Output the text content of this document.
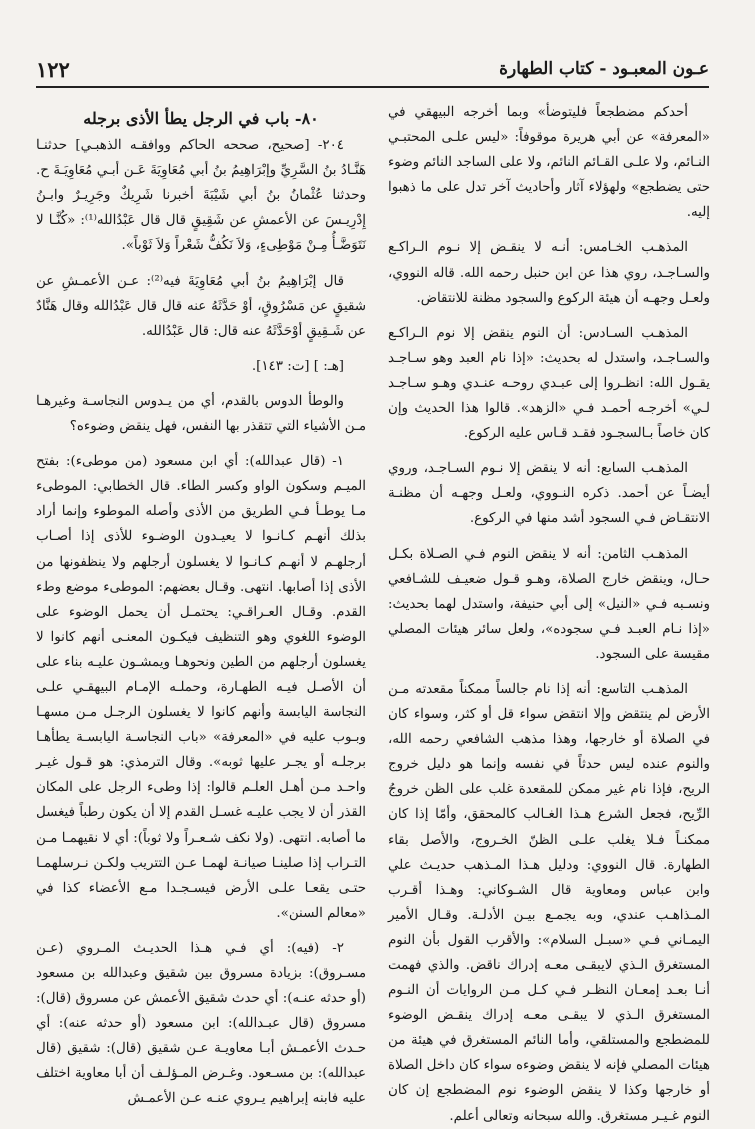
١٢٢	عـون المعبـود - كتاب الطهارة

أحدكم مضطجعاً فليتوضأ» وبما أخرجه البيهقي في «المعرفة» عن أبي هريرة موقوفاً: «ليس علـى المحتبـي النـائم، ولا علـى القـائم النائم، ولا على الساجد النائم وضوء حتى يضطجع» ولهؤلاء آثار وأحاديث آخر تدل على ما ذهبوا إليه.

المذهـب الخـامس: أنـه لا ينقـض إلا نـوم الـراكـع والسـاجـد، روي هذا عن ابن حنبل رحمه الله. قاله النووي، ولعـل وجهـه أن هيئة الركوع والسجود مظنة للانتقاض.

المذهـب السـادس: أن النوم ينقض إلا نوم الـراكـع والسـاجـد، واستدل له بحديث: «إذا نام العبد وهو سـاجـد يقـول الله: انظـروا إلى عبـدي روحـه عنـدي وهـو سـاجـد لـي» أخرجـه أحمـد فـي «الزهد». قالوا هذا الحديث وإن كان خاصاً بـالسجـود فقـد قـاس عليه الركوع.

المذهـب السابع: أنه لا ينقض إلا نـوم السـاجـد، وروي أيضـاً عن أحمد. ذكره النـووي، ولعـل وجهـه أن مظنـة الانتقـاض فـي السجود أشد منها في الركوع.

المذهـب الثامن: أنه لا ينقض النوم فـي الصـلاة بكـل حـال، وينقض خارج الصلاة، وهـو قـول ضعيـف للشـافعي ونسـبه فـي «النيل» إلى أبي حنيفة، واستدل لهما بحديث: «إذا نـام العبـد فـي سجوده»، ولعل سائر هيئات المصلي مقيسة على السجود.

المذهـب التاسع: أنه إذا نام جالساً ممكناً مقعدته مـن الأرض لم ينتقض وإلا انتقض سواء قل أو كثر، وسواء كان في الصلاة أو خارجها، وهذا مذهب الشافعي رحمه الله، والنوم عنده ليس حدثاً في نفسه وإنما هو دليل خروج الريح، فإذا نام غير ممكن للمقعدة غلب على الظن خروجُ الرِّيح، فجعل الشرع هـذا الغـالب كالمحقق، وأمّا إذا كان ممكنـاً فـلا يغلب علـى الظنّ الخـروج، والأصل بقاء الطهارة. قال النووي: ودليل هـذا المـذهب حديـث علي وابن عباس ومعاوية قال الشـوكاني: وهـذا أقـرب المـذاهـب عندي، وبه يجمـع بيـن الأدلـة. وقـال الأمير اليمـاني فـي «سبـل السلام»: والأقرب القول بأن النوم المستغرق الـذي لايبقـى معـه إدراك ناقض. والذي فهمت أنـا بعـد إمعـان النظـر فـي كـل مـن الروايات أن النـوم المستغرق الـذي لا يبقـى معـه إدراك ينقـض الوضوء للمضطجع والمستلقي، وأما النائم المستغرق في هيئة من هيئات المصلي فإنه لا ينقض وضوءه سواء كان داخل الصلاة أو خارجها وكذا لا ينقض الوضوء نوم المضطجع إن كان النوم غـيـر مستغرق. والله سبحانه وتعالى أعلم.

٨٠- باب في الرجل يطأ الأذى برجله

٢٠٤- [صحيح، صححه الحاكم ووافقـه الذهبـي] حدثنـا هَنَّـادُ بنُ السَّرِيِّ وإبْرَاهِيمُ بنُ أبي مُعَاوِيَةَ عَـن أبـي مُعَاوِيَـةَ ح. وحدثنا عُثْمانُ بنُ أبي شَيْبَةَ أخبرنا شَرِيكٌ وجَرِيـرٌ وابـنُ إِدْرِيـسَ عن الأعمشِ عن شَقِيقٍ قال قال عَبْدُالله⁽¹⁾: «كُنَّـا لا نَتَوَضَّـأُ مِـنْ مَوْطِىءٍ، وَلاَ نَكُفُّ شَعْراً وَلاَ ثَوْباً».

قال إبْرَاهِيمُ بنُ أبي مُعَاوِيَةَ فيه⁽²⁾: عـن الأعمـشِ عن شقيقٍ عن مَسْرُوقٍ، أوْ حَدَّثَهُ عنه قال قال عَبْدُالله وقال هَنَّادٌ عن شَـقِيقٍ أوْحَدَّثَهُ عنه قال: قال عَبْدُالله.

[هـ: ] [ت: ١٤٣].

والوطأ الدوس بالقدم، أي من يـدوس النجاسـة وغيرهـا مـن الأشياء التي تتقذر بها النفس، فهل ينقض وضوءه؟

١- (قال عبدالله): أي ابن مسعود (من موطىء): بفتح الميـم وسكون الواو وكسر الطاء. قال الخطابي: الموطىء مـا يوطـأ فـي الطريق من الأذى وأصله الموطوء وإنما أراد بذلك أنهـم كـانـوا لا يعيـدون الوضـوء للأذى إذا أصـاب أرجلهـم لا أنهـم كـانـوا لا يغسلون أرجلهم ولا ينظفونها من الأذى إذا أصابها. انتهى. وقـال بعضهم: الموطىء موضع وطء القدم. وقـال العـراقـي: يحتمـل أن يحمل الوضوء على الوضوء اللغوي وهو التنظيف فيكـون المعنـى أنهم كانوا لا يغسلون أرجلهم من الطين ونحوهـا ويمشـون عليـه بناء على أن الأصـل فيـه الطهـارة، وحملـه الإمـام البيهقـي علـى النجاسة اليابسة وأنهم كانوا لا يغسلون الرجـل مـن مسهـا وبـوب عليه في «المعرفة» «باب النجاسـة اليابسـة يطأهـا برجلـه أو يجـر عليها ثوبه». وقال الترمذي: هو قـول غيـر واحـد مـن أهـل العلـم قالوا: إذا وطىء الرجل على المكان القذر أن لا يجب عليـه غسـل القدم إلا أن يكون رطباً فيغسل ما أصابه. انتهى. (ولا نكف شـعـراً ولا ثوباً): أي لا نقيهمـا مـن التـراب إذا صلينـا صيانـة لهمـا عـن التتريب ولكـن نـرسلهمـا حتـى يقعـا علـى الأرض فيسـجـدا مـع الأعضاء كذا في «معالم السنن».

٢- (فيه): أي فـي هـذا الحديـث المـروي (عـن مسـروق): بزيادة مسروق بين شقيق وعبدالله بن مسعود (أو حدثه عنـه): أي حدث شقيق الأعمش عن مسروق (قال): مسروق (قال عبـدالله): ابن مسعود (أو حدثه عنه): أي حـدث الأعمـش أبـا معاويـة عـن شقيق (قال): شقيق (قال عبدالله): بن مسـعود. وغـرض المـؤلـف أن أبا معاوية اختلف عليه فابنه إبراهيم يـروي عنـه عـن الأعمـش
